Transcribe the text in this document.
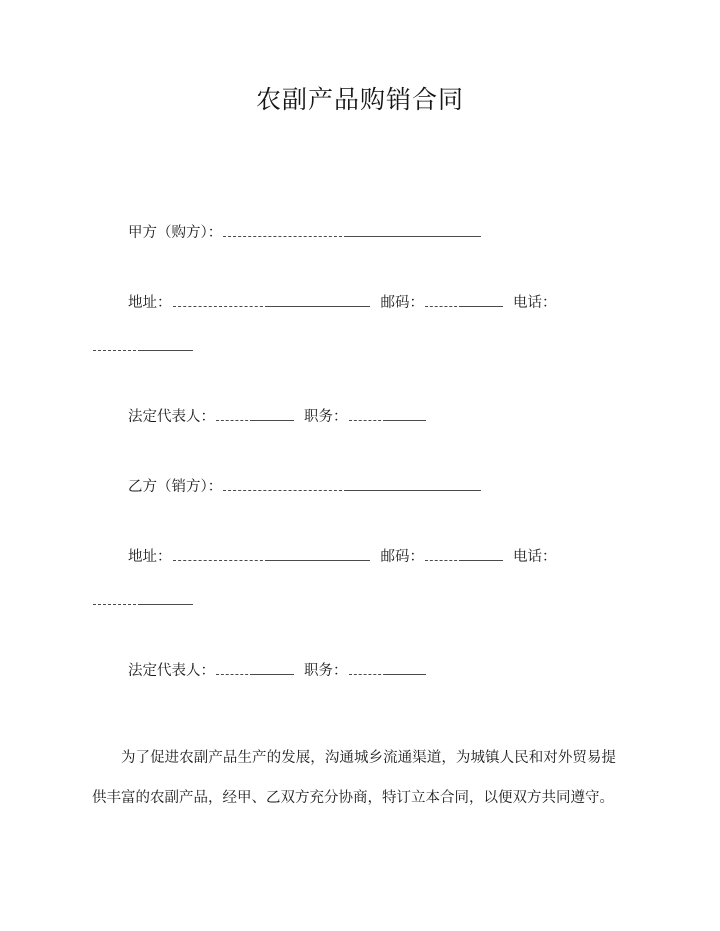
农副产品购销合同
甲方（购方）：
地址：	邮码：	电话：
法定代表人：	职务：
乙方（销方）：
地址：	邮码：	电话：
法定代表人：	职务：
为了促进农副产品生产的发展，沟通城乡流通渠道，为城镇人民和对外贸易提供丰富的农副产品，经甲、乙双方充分协商，特订立本合同，以便双方共同遵守。
